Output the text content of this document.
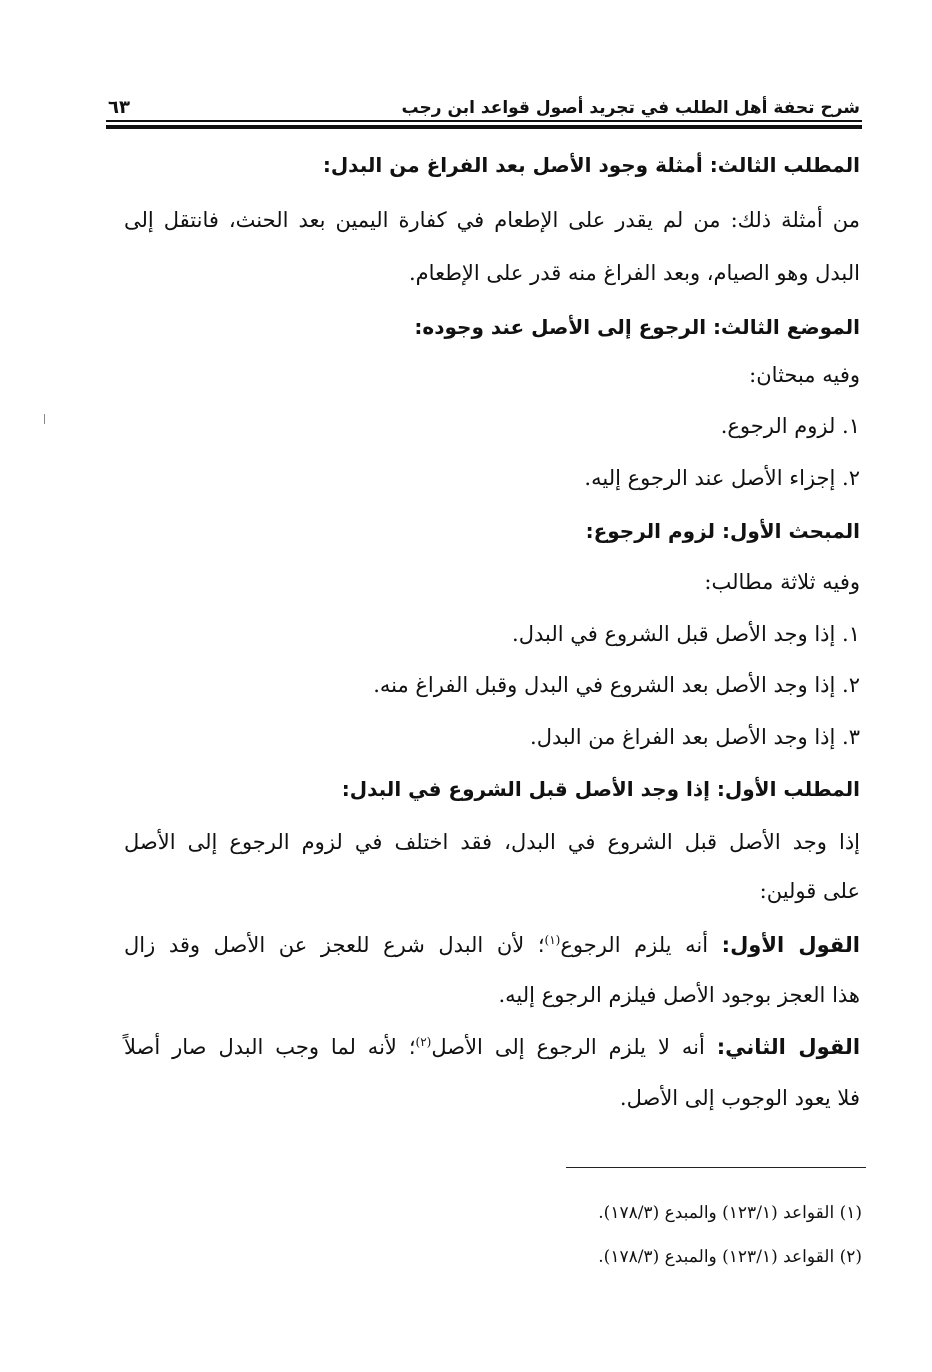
شرح تحفة أهل الطلب في تجريد أصول قواعد ابن رجب
٦٣
المطلب الثالث: أمثلة وجود الأصل بعد الفراغ من البدل:
من أمثلة ذلك: من لم يقدر على الإطعام في كفارة اليمين بعد الحنث، فانتقل إلى
البدل وهو الصيام، وبعد الفراغ منه قدر على الإطعام.
الموضع الثالث: الرجوع إلى الأصل عند وجوده:
وفيه مبحثان:
١. لزوم الرجوع.
٢. إجزاء الأصل عند الرجوع إليه.
المبحث الأول: لزوم الرجوع:
وفيه ثلاثة مطالب:
١. إذا وجد الأصل قبل الشروع في البدل.
٢. إذا وجد الأصل بعد الشروع في البدل وقبل الفراغ منه.
٣. إذا وجد الأصل بعد الفراغ من البدل.
المطلب الأول: إذا وجد الأصل قبل الشروع في البدل:
إذا وجد الأصل قبل الشروع في البدل، فقد اختلف في لزوم الرجوع إلى الأصل
على قولين:
القول الأول: أنه يلزم الرجوع$^{(١)}$؛ لأن البدل شرع للعجز عن الأصل وقد زال
هذا العجز بوجود الأصل فيلزم الرجوع إليه.
القول الثاني: أنه لا يلزم الرجوع إلى الأصل$^{(٢)}$؛ لأنه لما وجب البدل صار أصلاً
فلا يعود الوجوب إلى الأصل.
(١) القواعد (١٢٣/١) والمبدع (١٧٨/٣).
(٢) القواعد (١٢٣/١) والمبدع (١٧٨/٣).
